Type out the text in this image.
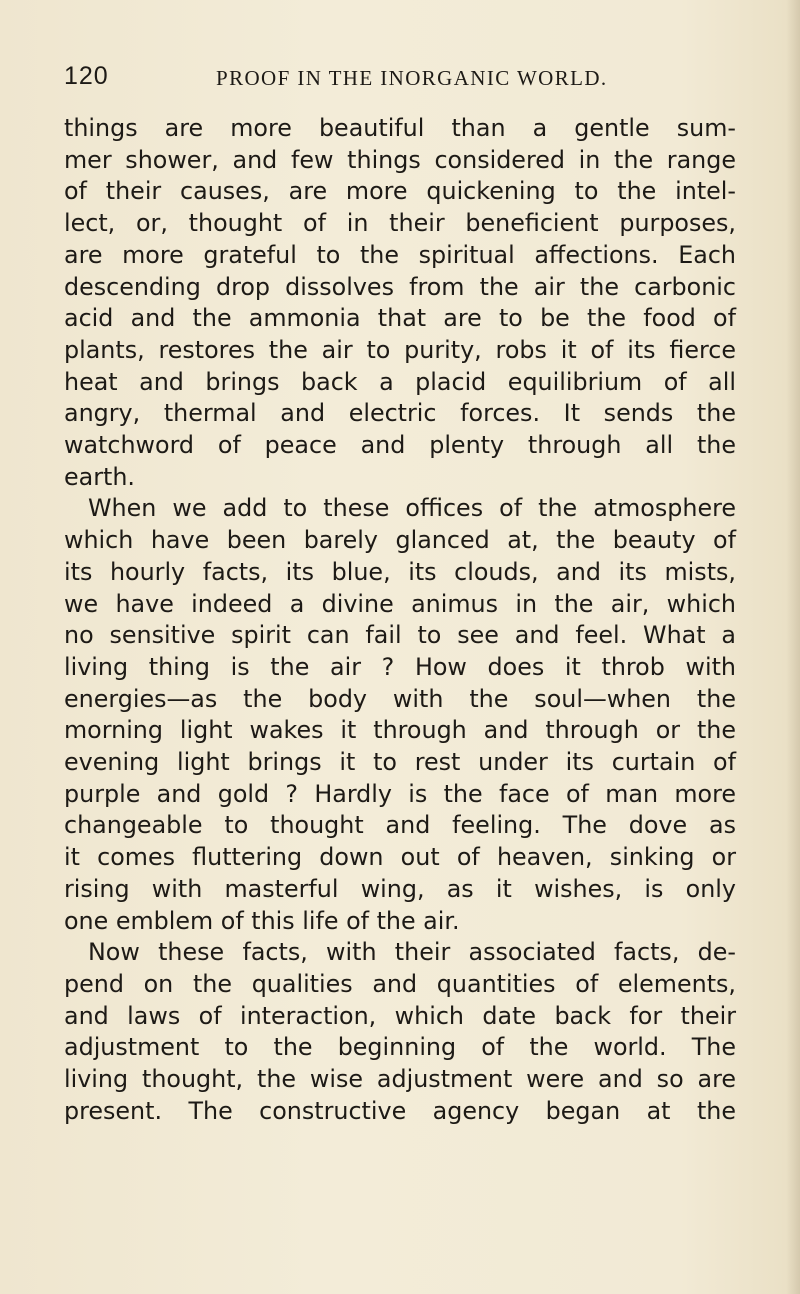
120	PROOF IN THE INORGANIC WORLD.

things are more beautiful than a gentle sum-
mer shower, and few things considered in the range
of their causes, are more quickening to the intel-
lect, or, thought of in their beneficient purposes,
are more grateful to the spiritual affections. Each
descending drop dissolves from the air the carbonic
acid and the ammonia that are to be the food of
plants, restores the air to purity, robs it of its fierce
heat and brings back a placid equilibrium of all
angry, thermal and electric forces. It sends the
watchword of peace and plenty through all the
earth.

When we add to these offices of the atmosphere
which have been barely glanced at, the beauty of
its hourly facts, its blue, its clouds, and its mists,
we have indeed a divine animus in the air, which
no sensitive spirit can fail to see and feel. What a
living thing is the air ? How does it throb with
energies—as the body with the soul—when the
morning light wakes it through and through or the
evening light brings it to rest under its curtain of
purple and gold ? Hardly is the face of man more
changeable to thought and feeling. The dove as
it comes fluttering down out of heaven, sinking or
rising with masterful wing, as it wishes, is only
one emblem of this life of the air.

Now these facts, with their associated facts, de-
pend on the qualities and quantities of elements,
and laws of interaction, which date back for their
adjustment to the beginning of the world. The
living thought, the wise adjustment were and so are
present. The constructive agency began at the
